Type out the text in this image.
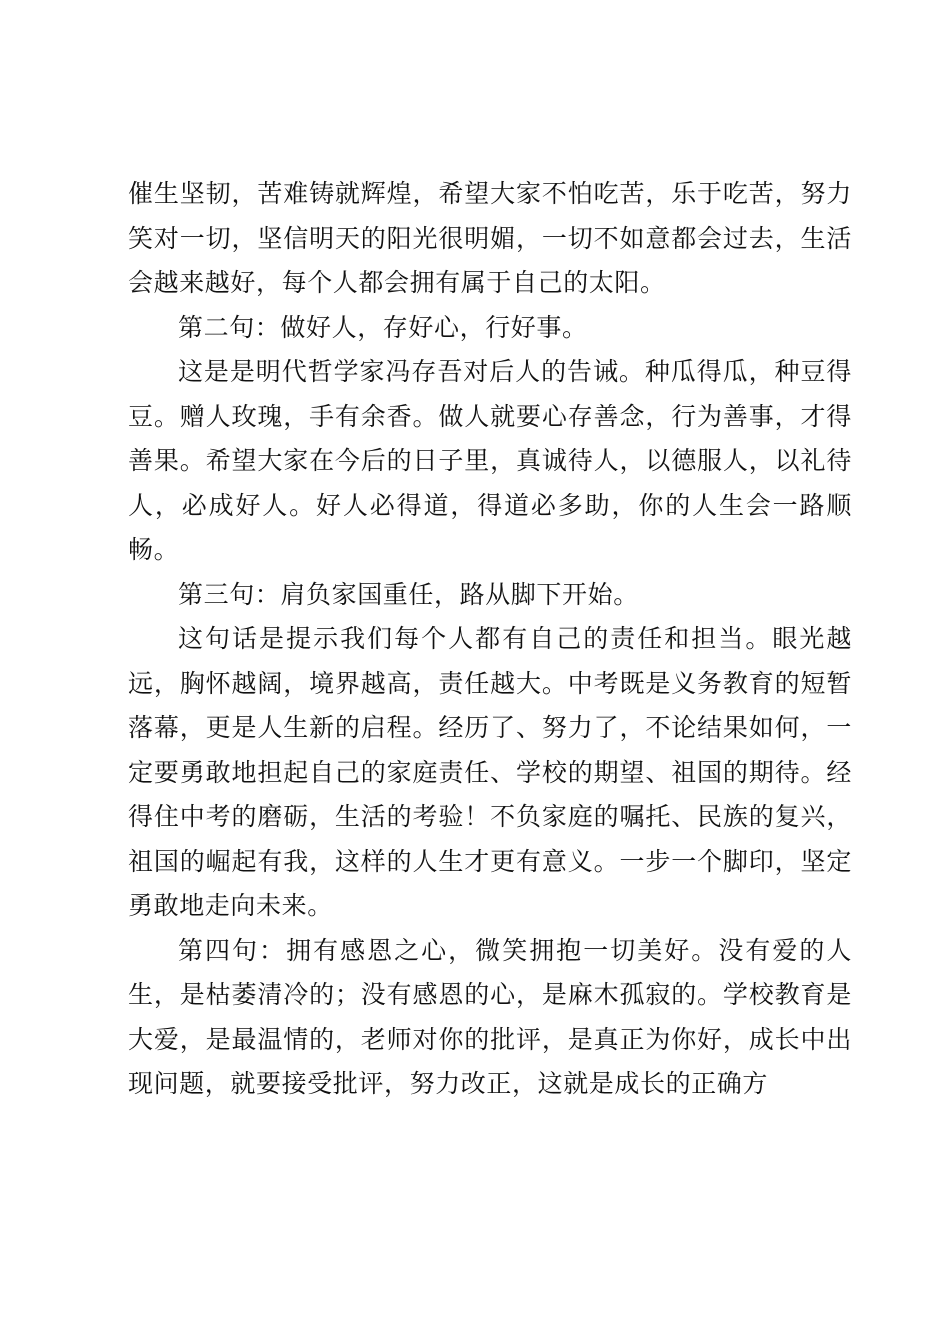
催生坚韧，苦难铸就辉煌，希望大家不怕吃苦，乐于吃苦，努力笑对一切，坚信明天的阳光很明媚，一切不如意都会过去，生活会越来越好，每个人都会拥有属于自己的太阳。

第二句：做好人，存好心，行好事。

这是是明代哲学家冯存吾对后人的告诫。种瓜得瓜，种豆得豆。赠人玫瑰，手有余香。做人就要心存善念，行为善事，才得善果。希望大家在今后的日子里，真诚待人，以德服人，以礼待人，必成好人。好人必得道，得道必多助，你的人生会一路顺畅。

第三句：肩负家国重任，路从脚下开始。

这句话是提示我们每个人都有自己的责任和担当。眼光越远，胸怀越阔，境界越高，责任越大。中考既是义务教育的短暂落幕，更是人生新的启程。经历了、努力了，不论结果如何，一定要勇敢地担起自己的家庭责任、学校的期望、祖国的期待。经得住中考的磨砺，生活的考验！不负家庭的嘱托、民族的复兴，祖国的崛起有我，这样的人生才更有意义。一步一个脚印，坚定勇敢地走向未来。

第四句：拥有感恩之心，微笑拥抱一切美好。没有爱的人生，是枯萎清冷的；没有感恩的心，是麻木孤寂的。学校教育是大爱，是最温情的，老师对你的批评，是真正为你好，成长中出现问题，就要接受批评，努力改正，这就是成长的正确方
